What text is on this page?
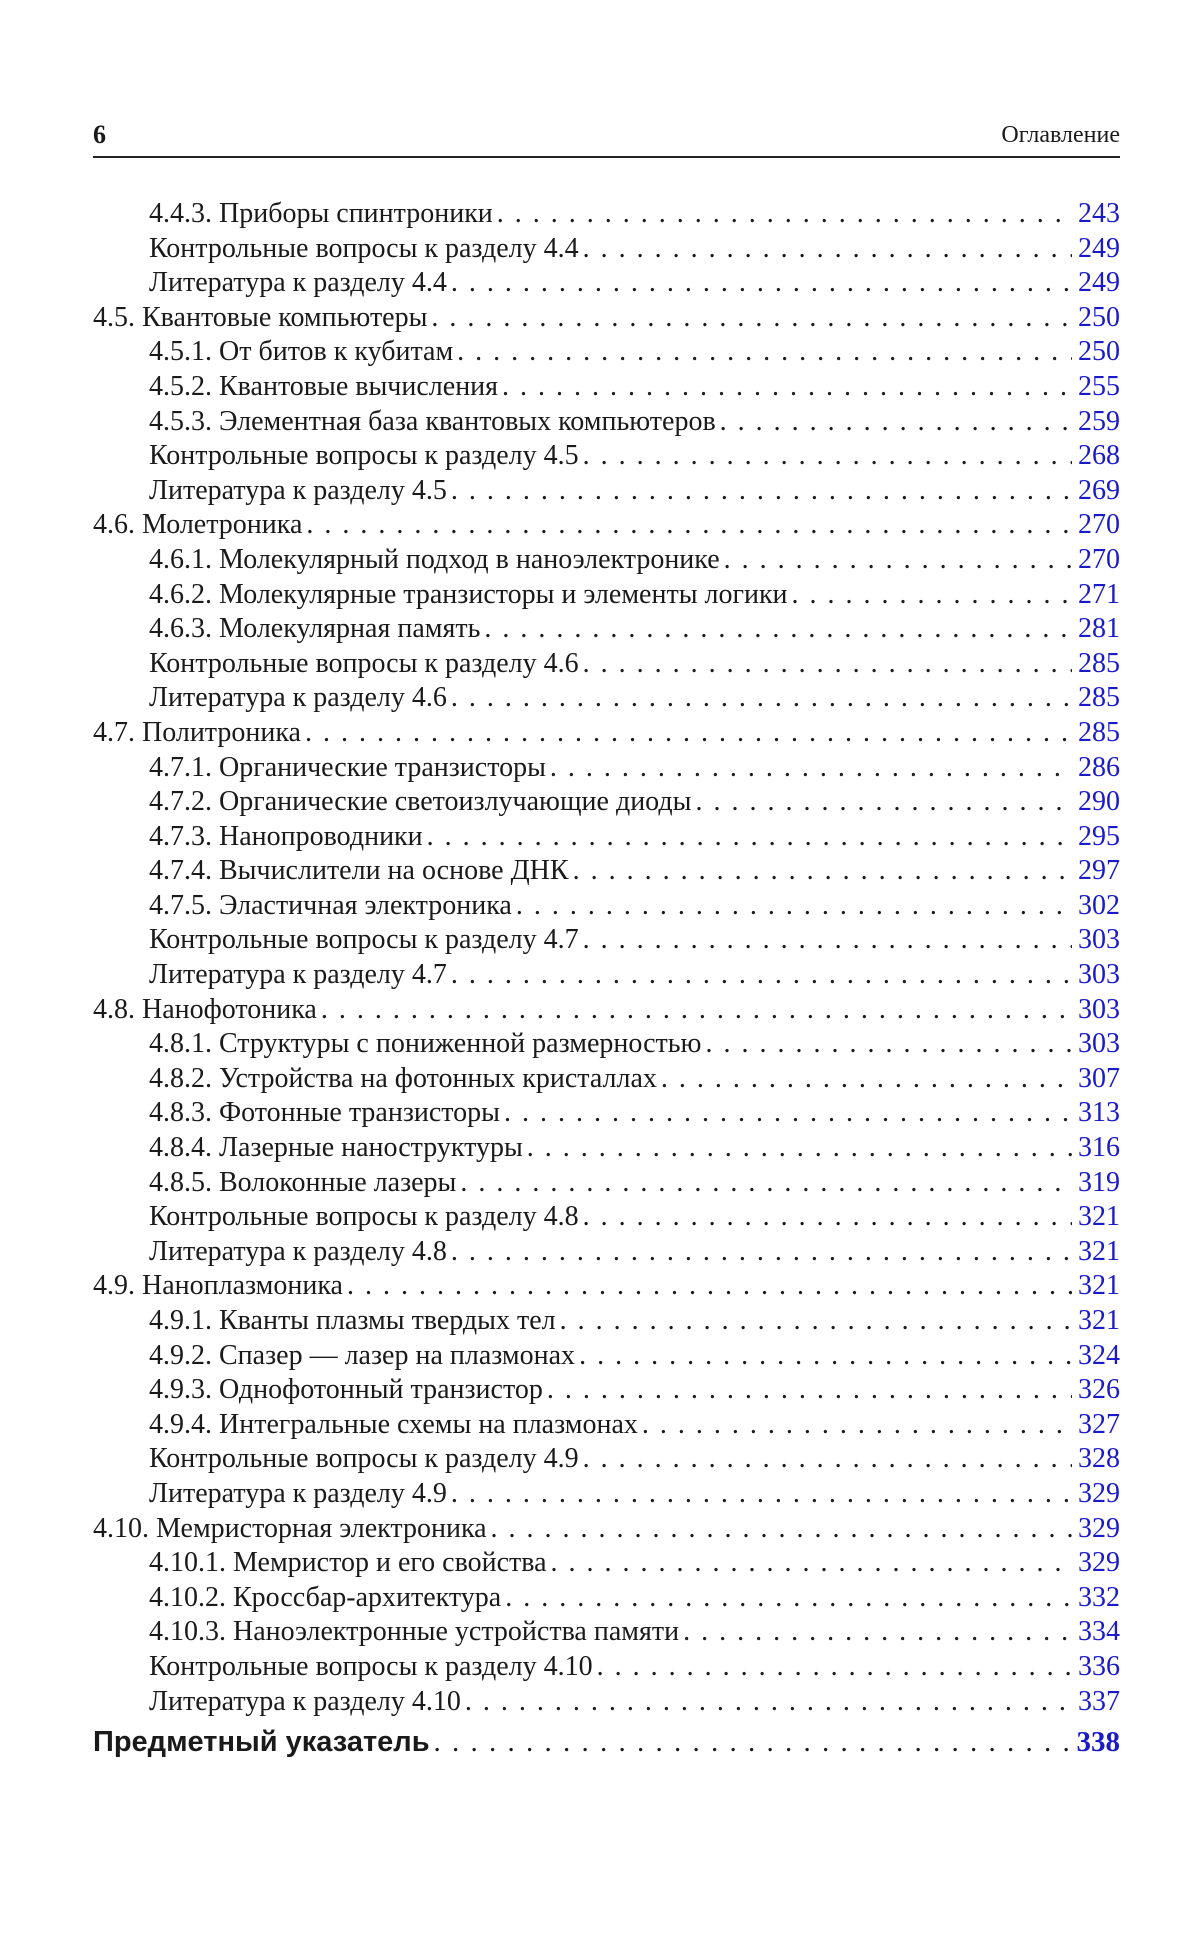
6	Оглавление
4.4.3. Приборы спинтроники . . .	243
Контрольные вопросы к разделу 4.4 . . .	249
Литература к разделу 4.4 . . .	249
4.5. Квантовые компьютеры . . .	250
4.5.1. От битов к кубитам . . .	250
4.5.2. Квантовые вычисления . . .	255
4.5.3. Элементная база квантовых компьютеров . . .	259
Контрольные вопросы к разделу 4.5 . . .	268
Литература к разделу 4.5 . . .	269
4.6. Молетроника . . .	270
4.6.1. Молекулярный подход в наноэлектронике . . .	270
4.6.2. Молекулярные транзисторы и элементы логики . . .	271
4.6.3. Молекулярная память . . .	281
Контрольные вопросы к разделу 4.6 . . .	285
Литература к разделу 4.6 . . .	285
4.7. Политроника . . .	285
4.7.1. Органические транзисторы . . .	286
4.7.2. Органические светоизлучающие диоды . . .	290
4.7.3. Нанопроводники . . .	295
4.7.4. Вычислители на основе ДНК . . .	297
4.7.5. Эластичная электроника . . .	302
Контрольные вопросы к разделу 4.7 . . .	303
Литература к разделу 4.7 . . .	303
4.8. Нанофотоника . . .	303
4.8.1. Структуры с пониженной размерностью . . .	303
4.8.2. Устройства на фотонных кристаллах . . .	307
4.8.3. Фотонные транзисторы . . .	313
4.8.4. Лазерные наноструктуры . . .	316
4.8.5. Волоконные лазеры . . .	319
Контрольные вопросы к разделу 4.8 . . .	321
Литература к разделу 4.8 . . .	321
4.9. Наноплазмоника . . .	321
4.9.1. Кванты плазмы твердых тел . . .	321
4.9.2. Спазер — лазер на плазмонах . . .	324
4.9.3. Однофотонный транзистор . . .	326
4.9.4. Интегральные схемы на плазмонах . . .	327
Контрольные вопросы к разделу 4.9 . . .	328
Литература к разделу 4.9 . . .	329
4.10. Мемристорная электроника . . .	329
4.10.1. Мемристор и его свойства . . .	329
4.10.2. Кроссбар-архитектура . . .	332
4.10.3. Наноэлектронные устройства памяти . . .	334
Контрольные вопросы к разделу 4.10 . . .	336
Литература к разделу 4.10 . . .	337
Предметный указатель . . .	338
